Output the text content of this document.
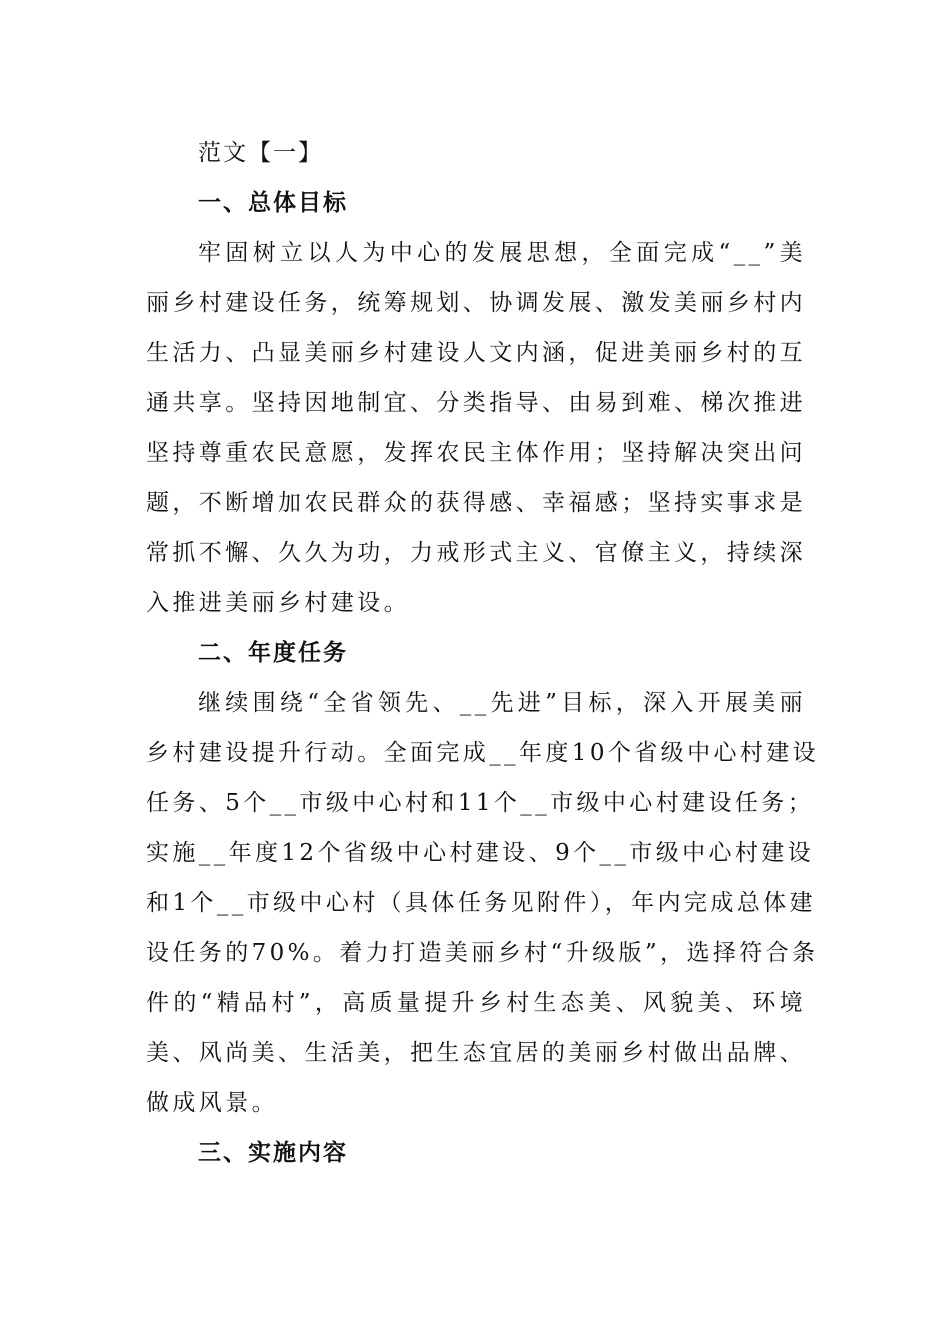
范文【一】
一、总体目标
牢固树立以人为中心的发展思想，全面完成“__”美
丽乡村建设任务，统筹规划、协调发展、激发美丽乡村内
生活力、凸显美丽乡村建设人文内涵，促进美丽乡村的互
通共享。坚持因地制宜、分类指导、由易到难、梯次推进
坚持尊重农民意愿，发挥农民主体作用；坚持解决突出问
题，不断增加农民群众的获得感、幸福感；坚持实事求是
常抓不懈、久久为功，力戒形式主义、官僚主义，持续深
入推进美丽乡村建设。
二、年度任务
继续围绕“全省领先、__先进”目标，深入开展美丽
乡村建设提升行动。全面完成__年度10个省级中心村建设
任务、5个__市级中心村和11个__市级中心村建设任务；
实施__年度12个省级中心村建设、9个__市级中心村建设
和1个__市级中心村（具体任务见附件），年内完成总体建
设任务的70%。着力打造美丽乡村“升级版”，选择符合条
件的“精品村”，高质量提升乡村生态美、风貌美、环境
美、风尚美、生活美，把生态宜居的美丽乡村做出品牌、
做成风景。
三、实施内容
